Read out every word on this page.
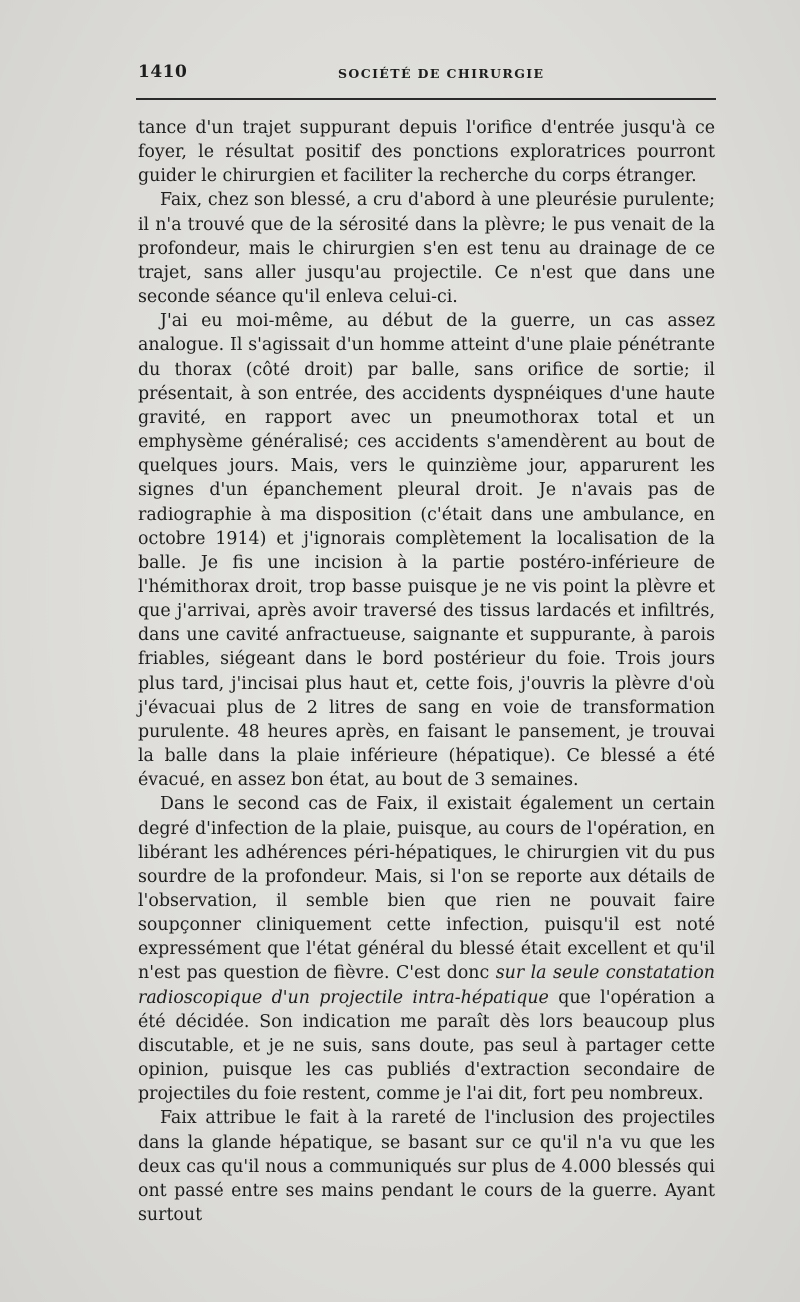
1410	SOCIÉTÉ DE CHIRURGIE

tance d'un trajet suppurant depuis l'orifice d'entrée jusqu'à ce foyer, le résultat positif des ponctions exploratrices pourront guider le chirurgien et faciliter la recherche du corps étranger.

Faix, chez son blessé, a cru d'abord à une pleurésie purulente; il n'a trouvé que de la sérosité dans la plèvre; le pus venait de la profondeur, mais le chirurgien s'en est tenu au drainage de ce trajet, sans aller jusqu'au projectile. Ce n'est que dans une seconde séance qu'il enleva celui-ci.

J'ai eu moi-même, au début de la guerre, un cas assez analogue. Il s'agissait d'un homme atteint d'une plaie pénétrante du thorax (côté droit) par balle, sans orifice de sortie; il présentait, à son entrée, des accidents dyspnéiques d'une haute gravité, en rapport avec un pneumothorax total et un emphysème généralisé; ces accidents s'amendèrent au bout de quelques jours. Mais, vers le quinzième jour, apparurent les signes d'un épanchement pleural droit. Je n'avais pas de radiographie à ma disposition (c'était dans une ambulance, en octobre 1914) et j'ignorais complètement la localisation de la balle. Je fis une incision à la partie postéro-inférieure de l'hémithorax droit, trop basse puisque je ne vis point la plèvre et que j'arrivai, après avoir traversé des tissus lardacés et infiltrés, dans une cavité anfractueuse, saignante et suppurante, à parois friables, siégeant dans le bord postérieur du foie. Trois jours plus tard, j'incisai plus haut et, cette fois, j'ouvris la plèvre d'où j'évacuai plus de 2 litres de sang en voie de transformation purulente. 48 heures après, en faisant le pansement, je trouvai la balle dans la plaie inférieure (hépatique). Ce blessé a été évacué, en assez bon état, au bout de 3 semaines.

Dans le second cas de Faix, il existait également un certain degré d'infection de la plaie, puisque, au cours de l'opération, en libérant les adhérences péri-hépatiques, le chirurgien vit du pus sourdre de la profondeur. Mais, si l'on se reporte aux détails de l'observation, il semble bien que rien ne pouvait faire soupçonner cliniquement cette infection, puisqu'il est noté expressément que l'état général du blessé était excellent et qu'il n'est pas question de fièvre. C'est donc sur la seule constatation radioscopique d'un projectile intra-hépatique que l'opération a été décidée. Son indication me paraît dès lors beaucoup plus discutable, et je ne suis, sans doute, pas seul à partager cette opinion, puisque les cas publiés d'extraction secondaire de projectiles du foie restent, comme je l'ai dit, fort peu nombreux.

Faix attribue le fait à la rareté de l'inclusion des projectiles dans la glande hépatique, se basant sur ce qu'il n'a vu que les deux cas qu'il nous a communiqués sur plus de 4.000 blessés qui ont passé entre ses mains pendant le cours de la guerre. Ayant surtout
